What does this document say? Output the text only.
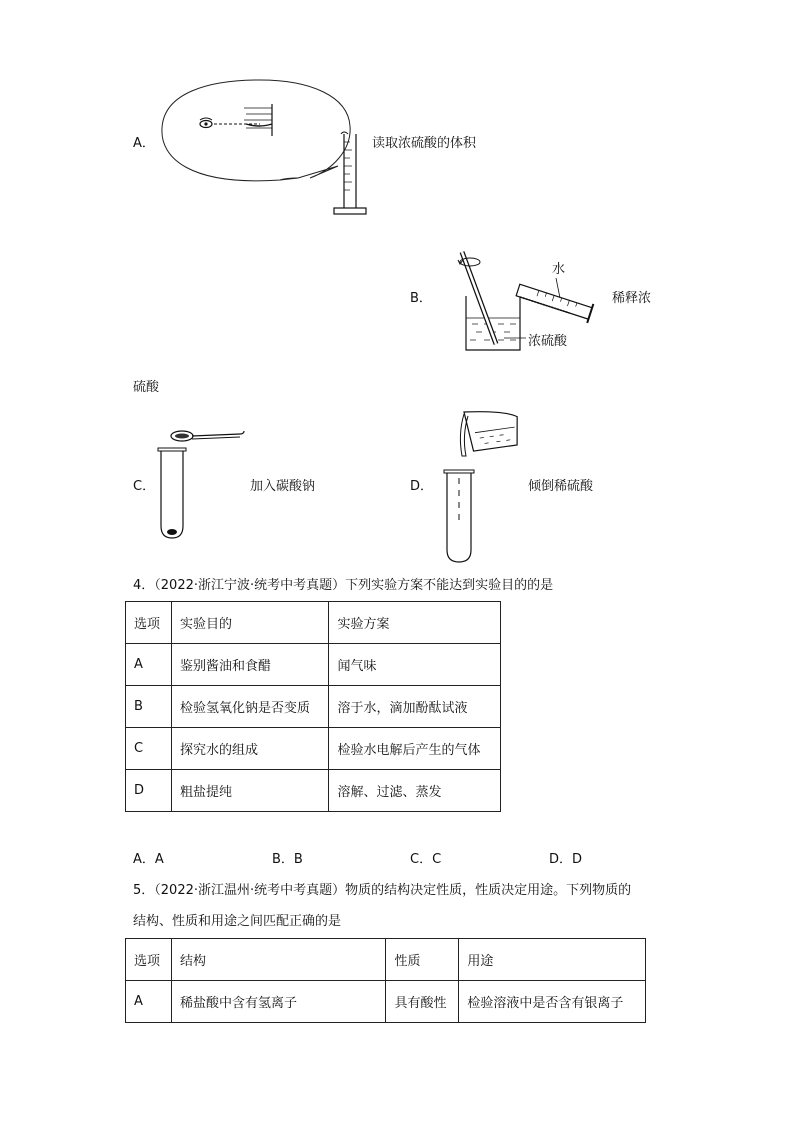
A．	读取浓硫酸的体积
B．
水
浓硫酸
稀释浓
硫酸
C．	加入碳酸钠	D．	倾倒稀硫酸
4．（2022·浙江宁波·统考中考真题）下列实验方案不能达到实验目的的是
选项	实验目的	实验方案
A	鉴别酱油和食醋	闻气味
B	检验氢氧化钠是否变质	溶于水，滴加酚酞试液
C	探究水的组成	检验水电解后产生的气体
D	粗盐提纯	溶解、过滤、蒸发
A．A	B．B	C．C	D．D
5．（2022·浙江温州·统考中考真题）物质的结构决定性质，性质决定用途。下列物质的
结构、性质和用途之间匹配正确的是
选项	结构	性质	用途
A	稀盐酸中含有氢离子	具有酸性	检验溶液中是否含有银离子
